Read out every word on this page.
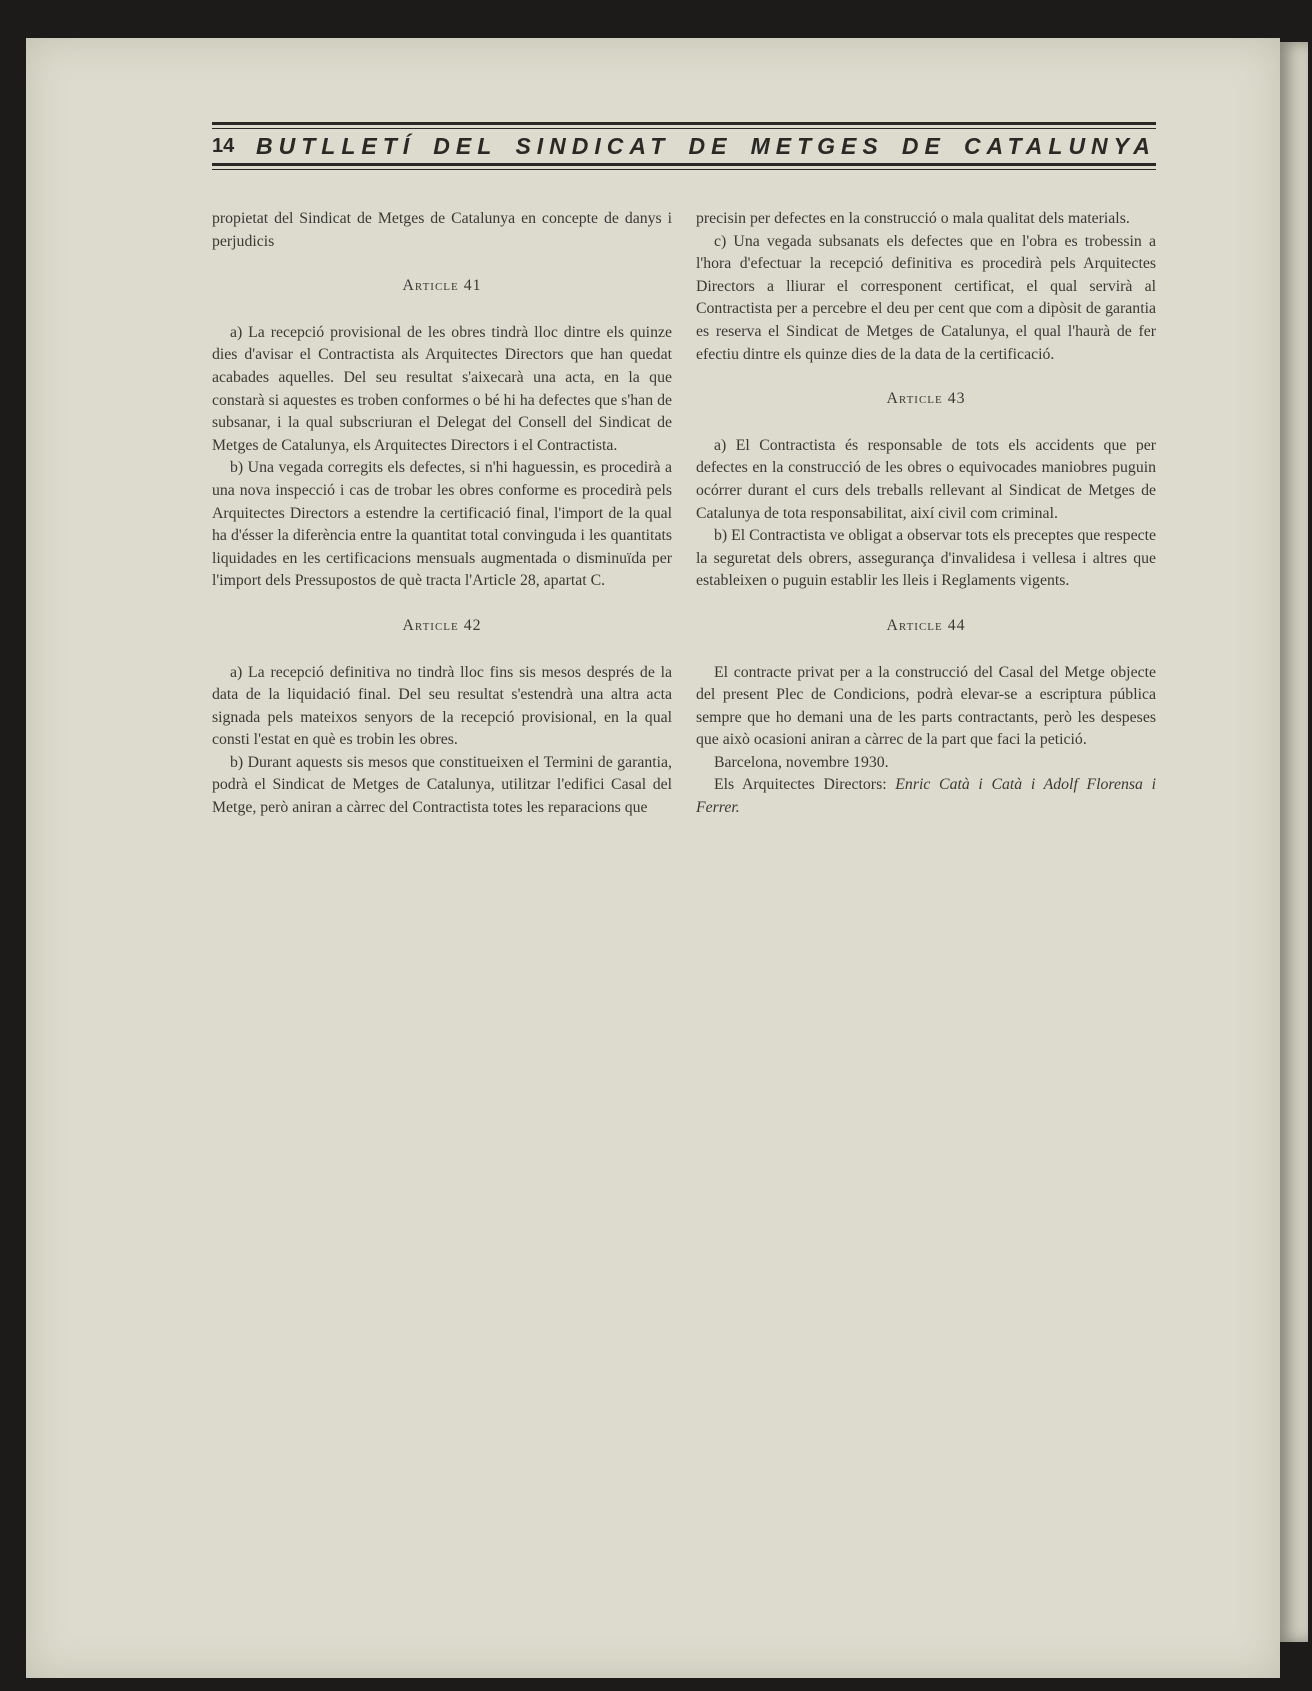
14 BUTLLETÍ DEL SINDICAT DE METGES DE CATALUNYA

propietat del Sindicat de Metges de Catalunya en concepte de danys i perjudicis

Article 41

a) La recepció provisional de les obres tindrà lloc dintre els quinze dies d'avisar el Contractista als Arquitectes Directors que han quedat acabades aquelles. Del seu resultat s'aixecarà una acta, en la que constarà si aquestes es troben conformes o bé hi ha defectes que s'han de subsanar, i la qual subscriuran el Delegat del Consell del Sindicat de Metges de Catalunya, els Arquitectes Directors i el Contractista.

b) Una vegada corregits els defectes, si n'hi haguessin, es procedirà a una nova inspecció i cas de trobar les obres conforme es procedirà pels Arquitectes Directors a estendre la certificació final, l'import de la qual ha d'ésser la diferència entre la quantitat total convinguda i les quantitats liquidades en les certificacions mensuals augmentada o disminuïda per l'import dels Pressupostos de què tracta l'Article 28, apartat C.

Article 42

a) La recepció definitiva no tindrà lloc fins sis mesos després de la data de la liquidació final. Del seu resultat s'estendrà una altra acta signada pels mateixos senyors de la recepció provisional, en la qual consti l'estat en què es trobin les obres.

b) Durant aquests sis mesos que constitueixen el Termini de garantia, podrà el Sindicat de Metges de Catalunya, utilitzar l'edifici Casal del Metge, però aniran a càrrec del Contractista totes les reparacions que

precisin per defectes en la construcció o mala qualitat dels materials.

c) Una vegada subsanats els defectes que en l'obra es trobessin a l'hora d'efectuar la recepció definitiva es procedirà pels Arquitectes Directors a lliurar el corresponent certificat, el qual servirà al Contractista per a percebre el deu per cent que com a dipòsit de garantia es reserva el Sindicat de Metges de Catalunya, el qual l'haurà de fer efectiu dintre els quinze dies de la data de la certificació.

Article 43

a) El Contractista és responsable de tots els accidents que per defectes en la construcció de les obres o equivocades maniobres puguin ocórrer durant el curs dels treballs rellevant al Sindicat de Metges de Catalunya de tota responsabilitat, així civil com criminal.

b) El Contractista ve obligat a observar tots els preceptes que respecte la seguretat dels obrers, assegurança d'invalidesa i vellesa i altres que estableixen o puguin establir les lleis i Reglaments vigents.

Article 44

El contracte privat per a la construcció del Casal del Metge objecte del present Plec de Condicions, podrà elevar-se a escriptura pública sempre que ho demani una de les parts contractants, però les despeses que això ocasioni aniran a càrrec de la part que faci la petició.

Barcelona, novembre 1930.

Els Arquitectes Directors: Enric Catà i Catà i Adolf Florensa i Ferrer.
